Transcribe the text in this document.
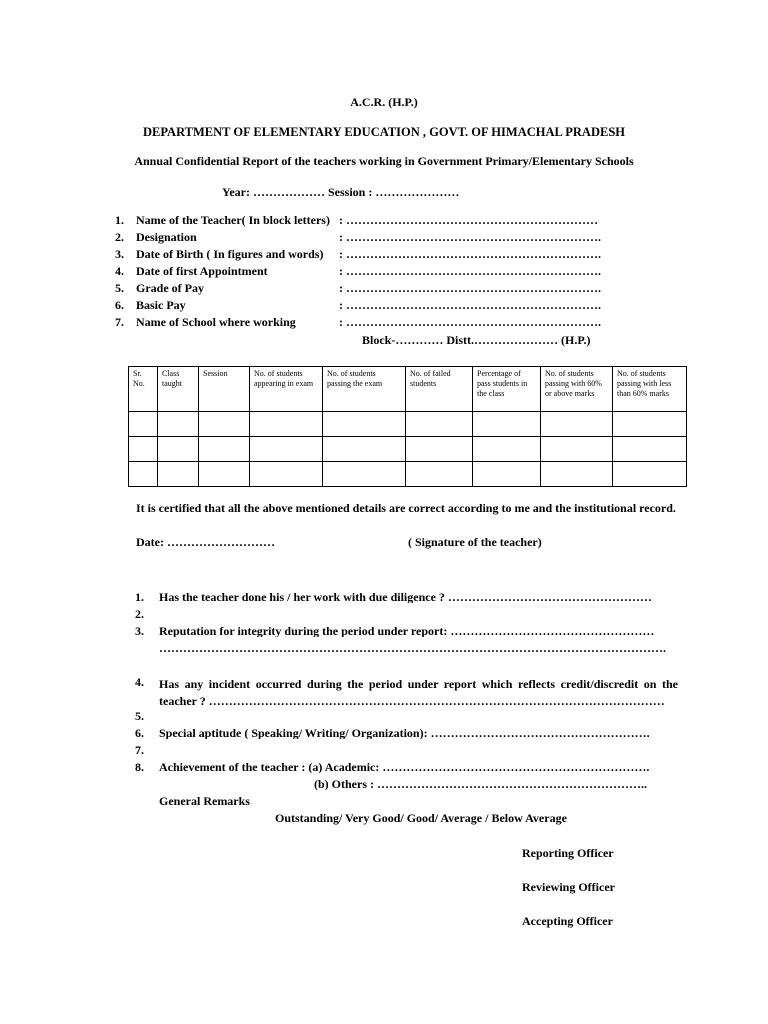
A.C.R. (H.P.)
DEPARTMENT OF ELEMENTARY EDUCATION , GOVT. OF HIMACHAL PRADESH
Annual Confidential Report of the teachers working in Government Primary/Elementary Schools
Year: ……………… Session : …………………
1. Name of the Teacher( In block letters) : ………………………………………………………
2. Designation	: ……………………………………………………….
3. Date of Birth ( In figures and words) : ……………………………………………………….
4. Date of first Appointment	: ……………………………………………………….
5. Grade of Pay	: ……………………………………………………….
6. Basic Pay	: ……………………………………………………….
7. Name of School where working	: ……………………………………………………….
Block-………… Distt.………………… (H.P.)
Sr. No.	Class taught	Session	No. of students appearing in exam	No. of students passing the exam	No. of failed students	Percentage of pass students in the class	No. of students passing with 60% or above marks	No. of students passing with less than 60% marks

It is certified that all the above mentioned details are correct according to me and the institutional record.
Date: ………………………	( Signature of the teacher)
1. Has the teacher done his / her work with due diligence ? ……………………………………………
2.
3. Reputation for integrity during the period under report: ……………………………………………
……………………………………………………………………………………………………………….
4. Has any incident occurred during the period under report which reflects credit/discredit on the teacher ? ……………………………………………………………………………………………………
5.
6. Special aptitude ( Speaking/ Writing/ Organization): ……………………………………………….
7.
8. Achievement of the teacher : (a) Academic: ………………………………………………………….
(b) Others : …………………………………………………………..
General Remarks
Outstanding/ Very Good/ Good/ Average / Below Average
Reporting Officer
Reviewing Officer
Accepting Officer
